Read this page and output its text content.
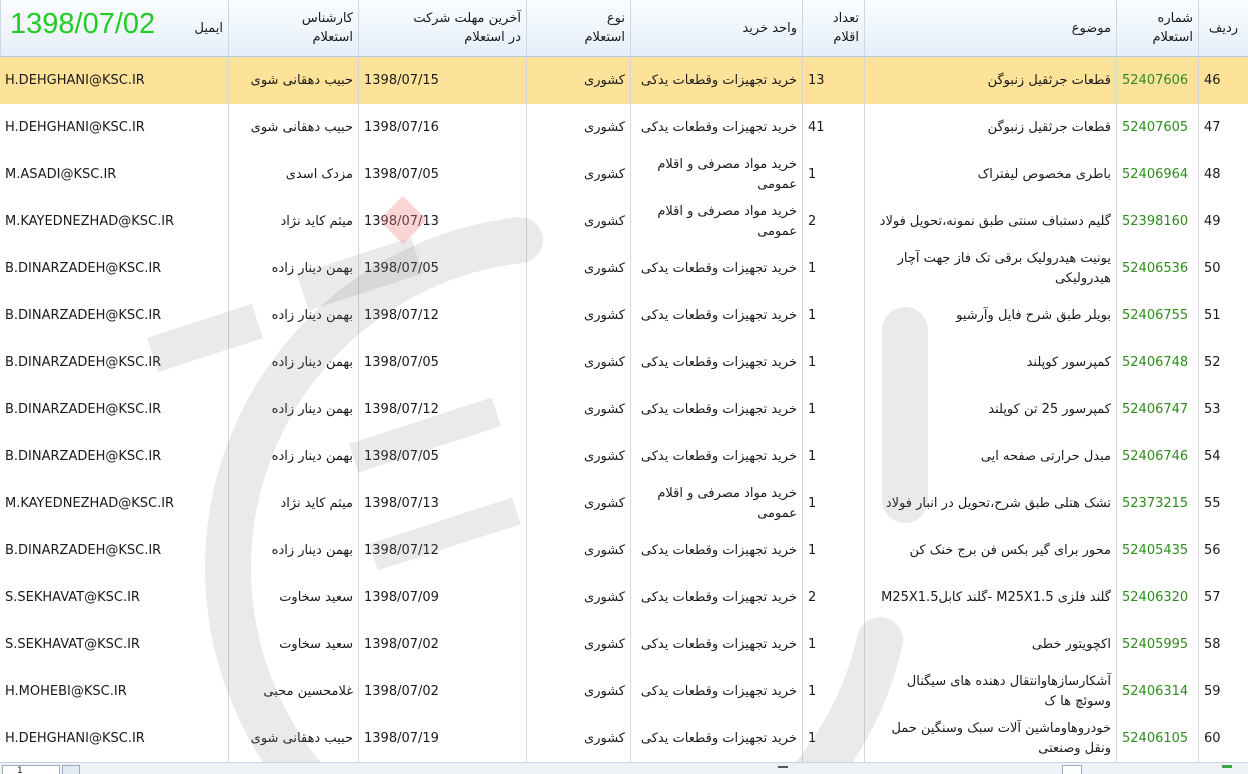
ردیف
شماره
استعلام
موضوع
تعداد
اقلام
واحد خرید
نوع
استعلام
آخرین مهلت شرکت
در استعلام
کارشناس
استعلام
ایمیل
46
52407606
قطعات جرثقیل زنبوگن
13
خرید تجهیزات وقطعات یدکی
کشوری
1398/07/15
حبیب دهقانی شوی
H.DEHGHANI@KSC.IR
47
52407605
قطعات جرثقیل زنبوگن
41
خرید تجهیزات وقطعات یدکی
کشوری
1398/07/16
حبیب دهقانی شوی
H.DEHGHANI@KSC.IR
48
52406964
باطری مخصوص لیفتراک
1
خرید مواد مصرفی و اقلام عمومی
کشوری
1398/07/05
مزدک اسدی
M.ASADI@KSC.IR
49
52398160
گلیم دستباف سنتی طبق نمونه،تحویل فولاد
2
خرید مواد مصرفی و اقلام عمومی
کشوری
1398/07/13
میثم کاید نژاد
M.KAYEDNEZHAD@KSC.IR
50
52406536
یونیت هیدرولیک برقی تک فاز جهت آچار هیدرولیکی
1
خرید تجهیزات وقطعات یدکی
کشوری
1398/07/05
بهمن دینار زاده
B.DINARZADEH@KSC.IR
51
52406755
بویلر طبق شرح فایل وآرشیو
1
خرید تجهیزات وقطعات یدکی
کشوری
1398/07/12
بهمن دینار زاده
B.DINARZADEH@KSC.IR
52
52406748
کمپرسور کوپلند
1
خرید تجهیزات وقطعات یدکی
کشوری
1398/07/05
بهمن دینار زاده
B.DINARZADEH@KSC.IR
53
52406747
کمپرسور 25 تن کوپلند
1
خرید تجهیزات وقطعات یدکی
کشوری
1398/07/12
بهمن دینار زاده
B.DINARZADEH@KSC.IR
54
52406746
مبدل حرارتی صفحه ایی
1
خرید تجهیزات وقطعات یدکی
کشوری
1398/07/05
بهمن دینار زاده
B.DINARZADEH@KSC.IR
55
52373215
تشک هتلی طبق شرح،تحویل در انبار فولاد
1
خرید مواد مصرفی و اقلام عمومی
کشوری
1398/07/13
میثم کاید نژاد
M.KAYEDNEZHAD@KSC.IR
56
52405435
محور برای گیر بکس فن برج خنک کن
1
خرید تجهیزات وقطعات یدکی
کشوری
1398/07/12
بهمن دینار زاده
B.DINARZADEH@KSC.IR
57
52406320
گلند فلزی M25X1.5 -گلند کابلM25X1.5
2
خرید تجهیزات وقطعات یدکی
کشوری
1398/07/09
سعید سخاوت
S.SEKHAVAT@KSC.IR
58
52405995
اکچویتور خطی
1
خرید تجهیزات وقطعات یدکی
کشوری
1398/07/02
سعید سخاوت
S.SEKHAVAT@KSC.IR
59
52406314
آشکارسازهاوانتقال دهنده های سیگنال وسوئچ ها ک
1
خرید تجهیزات وقطعات یدکی
کشوری
1398/07/02
غلامحسین محبی
H.MOHEBI@KSC.IR
60
52406105
خودروهاوماشین آلات سبک وسنگین حمل ونقل وصنعتی
1
خرید تجهیزات وقطعات یدکی
کشوری
1398/07/19
حبیب دهقانی شوی
H.DEHGHANI@KSC.IR
1398/07/02
1
